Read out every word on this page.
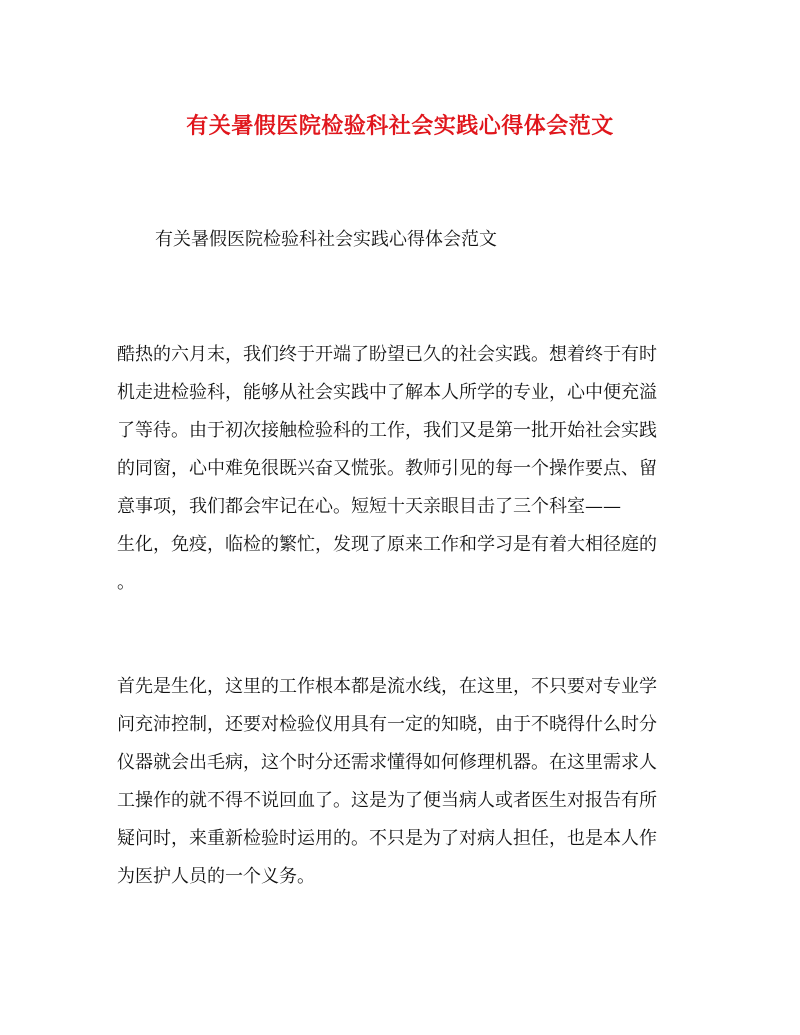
有关暑假医院检验科社会实践心得体会范文

有关暑假医院检验科社会实践心得体会范文

酷热的六月末，我们终于开端了盼望已久的社会实践。想着终于有时
机走进检验科，能够从社会实践中了解本人所学的专业，心中便充溢
了等待。由于初次接触检验科的工作，我们又是第一批开始社会实践
的同窗，心中难免很既兴奋又慌张。教师引见的每一个操作要点、留
意事项，我们都会牢记在心。短短十天亲眼目击了三个科室——
生化，免疫，临检的繁忙，发现了原来工作和学习是有着大相径庭的
。
首先是生化，这里的工作根本都是流水线，在这里，不只要对专业学
问充沛控制，还要对检验仪用具有一定的知晓，由于不晓得什么时分
仪器就会出毛病，这个时分还需求懂得如何修理机器。在这里需求人
工操作的就不得不说回血了。这是为了便当病人或者医生对报告有所
疑问时，来重新检验时运用的。不只是为了对病人担任，也是本人作
为医护人员的一个义务。
